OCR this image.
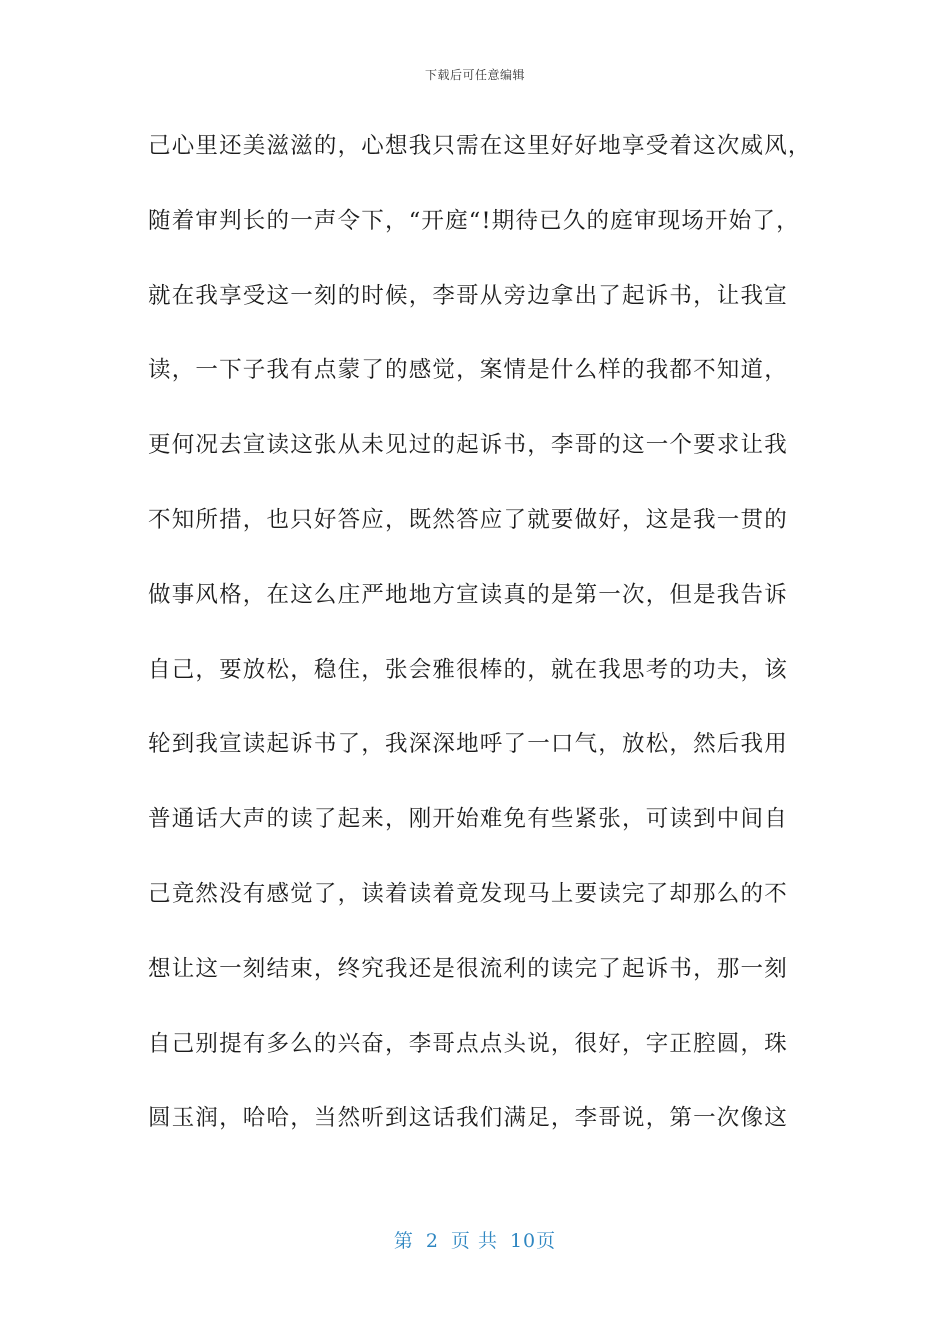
下载后可任意编辑
己心里还美滋滋的，心想我只需在这里好好地享受着这次威风，
随着审判长的一声令下，“开庭“!期待已久的庭审现场开始了，
就在我享受这一刻的时候，李哥从旁边拿出了起诉书，让我宣
读，一下子我有点蒙了的感觉，案情是什么样的我都不知道，
更何况去宣读这张从未见过的起诉书，李哥的这一个要求让我
不知所措，也只好答应，既然答应了就要做好，这是我一贯的
做事风格，在这么庄严地地方宣读真的是第一次，但是我告诉
自己，要放松，稳住，张会雅很棒的，就在我思考的功夫，该
轮到我宣读起诉书了，我深深地呼了一口气，放松，然后我用
普通话大声的读了起来，刚开始难免有些紧张，可读到中间自
己竟然没有感觉了，读着读着竟发现马上要读完了却那么的不
想让这一刻结束，终究我还是很流利的读完了起诉书，那一刻
自己别提有多么的兴奋，李哥点点头说，很好，字正腔圆，珠
圆玉润，哈哈，当然听到这话我们满足，李哥说，第一次像这
第 2 页 共 10页
